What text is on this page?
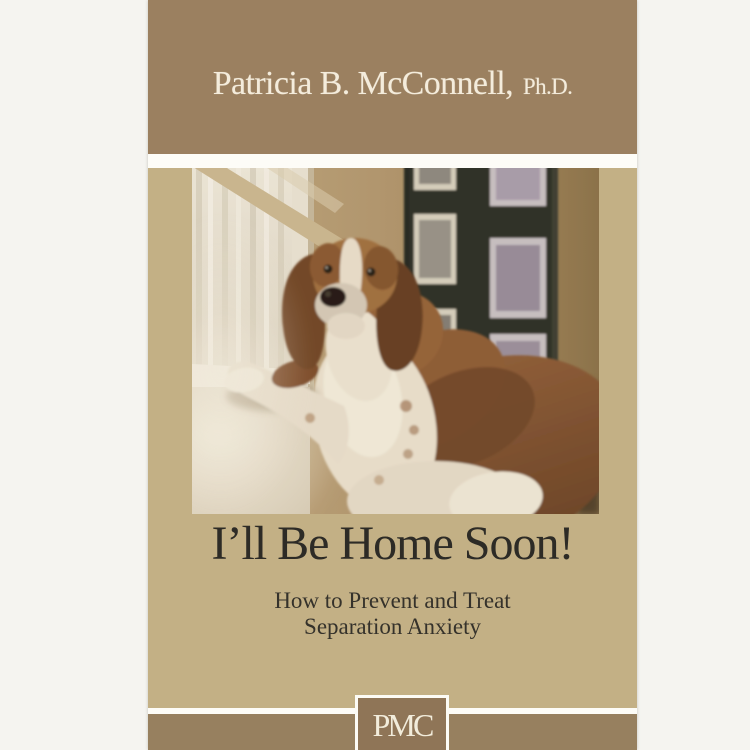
Patricia B. McConnell, Ph.D.
I’ll Be Home Soon!
How to Prevent and Treat
Separation Anxiety
PMC
